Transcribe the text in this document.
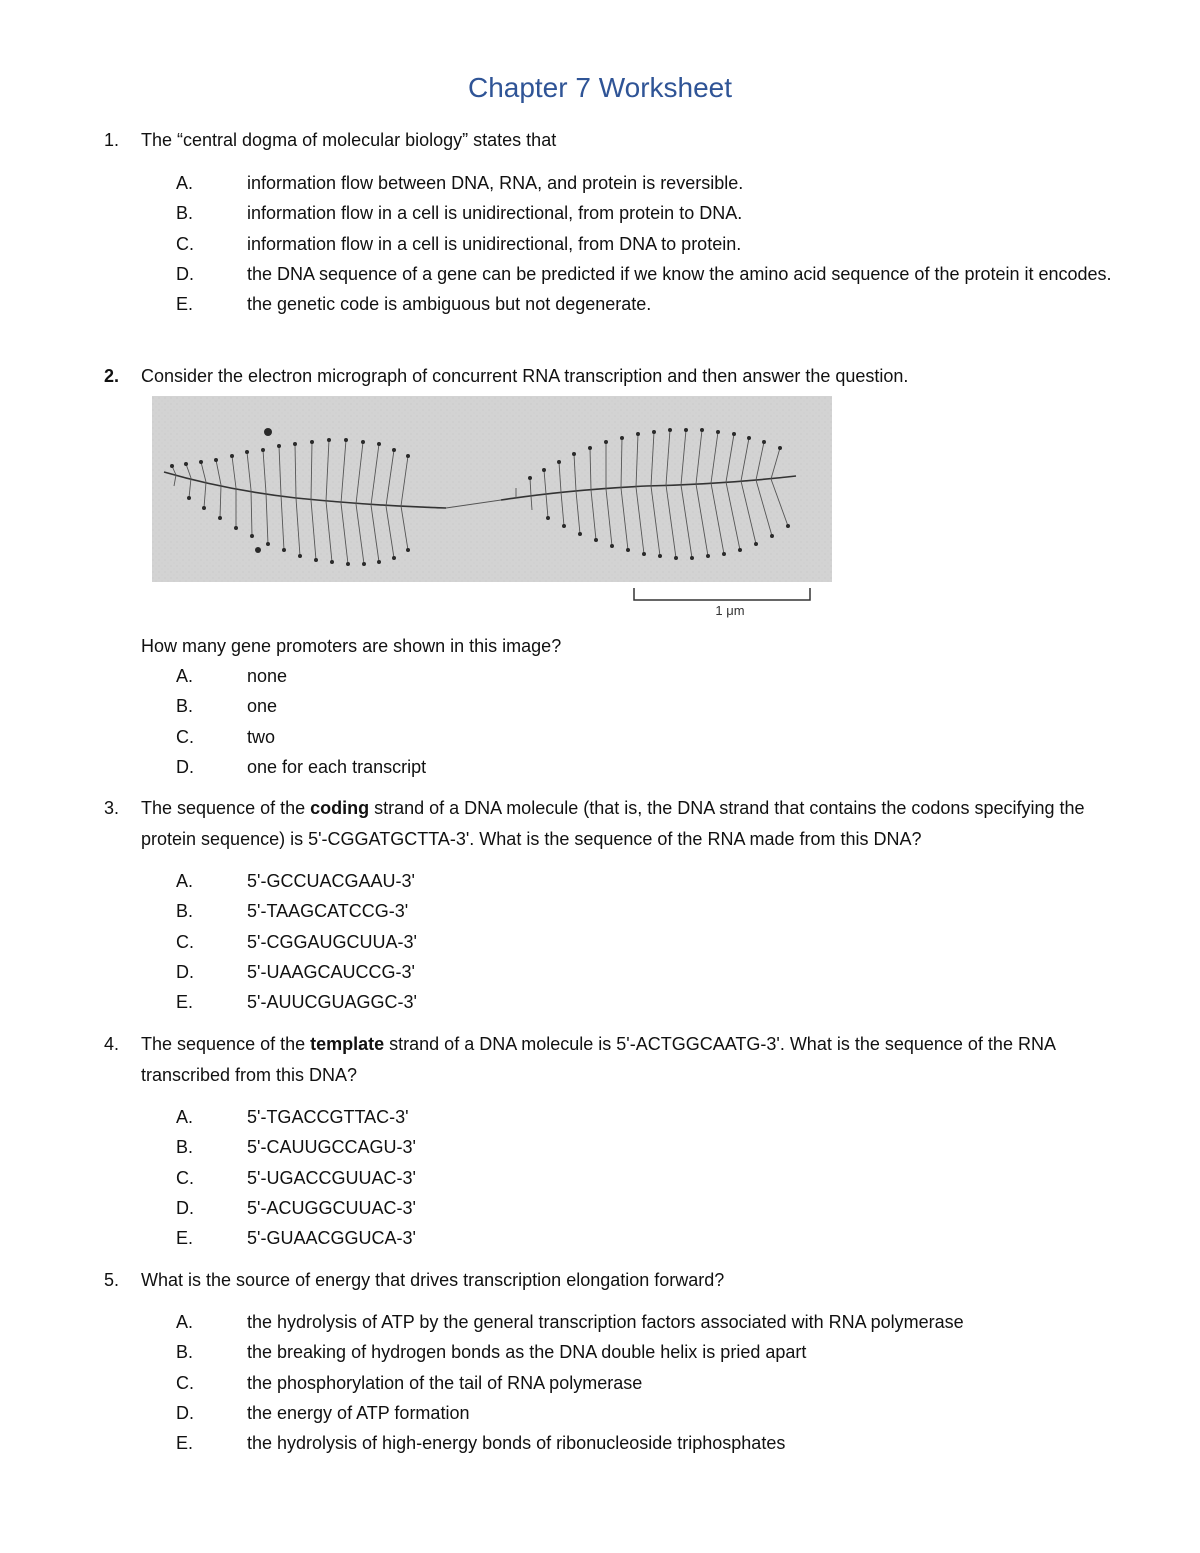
Chapter 7 Worksheet
1. The “central dogma of molecular biology” states that
A.	information flow between DNA, RNA, and protein is reversible.
B.	information flow in a cell is unidirectional, from protein to DNA.
C.	information flow in a cell is unidirectional, from DNA to protein.
D.	the DNA sequence of a gene can be predicted if we know the amino acid sequence of the protein it encodes.
E.	the genetic code is ambiguous but not degenerate.
2. Consider the electron micrograph of concurrent RNA transcription and then answer the question.
1 μm
How many gene promoters are shown in this image?
A.	none
B.	one
C.	two
D.	one for each transcript
3. The sequence of the coding strand of a DNA molecule (that is, the DNA strand that contains the codons specifying the protein sequence) is 5'-CGGATGCTTA-3'. What is the sequence of the RNA made from this DNA?
A.	5'-GCCUACGAAU-3'
B.	5'-TAAGCATCCG-3'
C.	5'-CGGAUGCUUA-3'
D.	5'-UAAGCAUCCG-3'
E.	5'-AUUCGUAGGC-3'
4. The sequence of the template strand of a DNA molecule is 5'-ACTGGCAATG-3'. What is the sequence of the RNA transcribed from this DNA?
A.	5'-TGACCGTTAC-3'
B.	5'-CAUUGCCAGU-3'
C.	5'-UGACCGUUAC-3'
D.	5'-ACUGGCUUAC-3'
E.	5'-GUAACGGUCA-3'
5. What is the source of energy that drives transcription elongation forward?
A.	the hydrolysis of ATP by the general transcription factors associated with RNA polymerase
B.	the breaking of hydrogen bonds as the DNA double helix is pried apart
C.	the phosphorylation of the tail of RNA polymerase
D.	the energy of ATP formation
E.	the hydrolysis of high-energy bonds of ribonucleoside triphosphates
